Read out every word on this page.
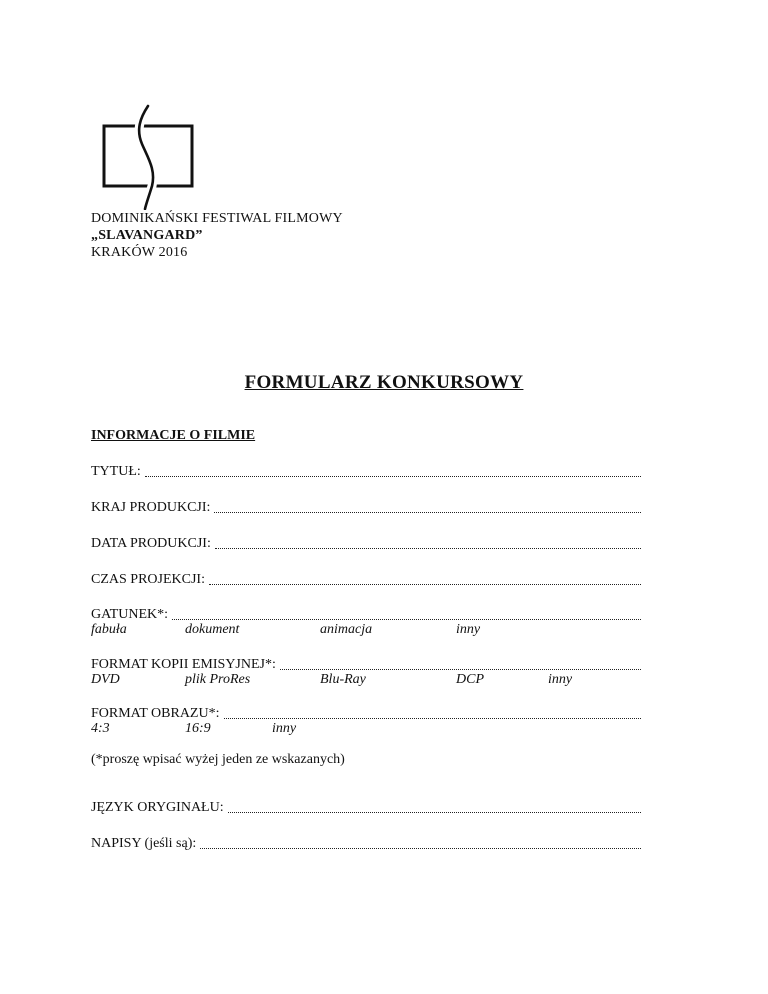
DOMINIKAŃSKI FESTIWAL FILMOWY
„SLAVANGARD”
KRAKÓW 2016
FORMULARZ KONKURSOWY
INFORMACJE O FILMIE
TYTUŁ:
KRAJ PRODUKCJI:
DATA PRODUKCJI:
CZAS PROJEKCJI:
GATUNEK*:
fabuła	dokument	animacja	inny
FORMAT KOPII EMISYJNEJ*:
DVD	plik ProRes	Blu-Ray	DCP	inny
FORMAT OBRAZU*:
4:3	16:9	inny
(*proszę wpisać wyżej jeden ze wskazanych)
JĘZYK ORYGINAŁU:
NAPISY (jeśli są):
